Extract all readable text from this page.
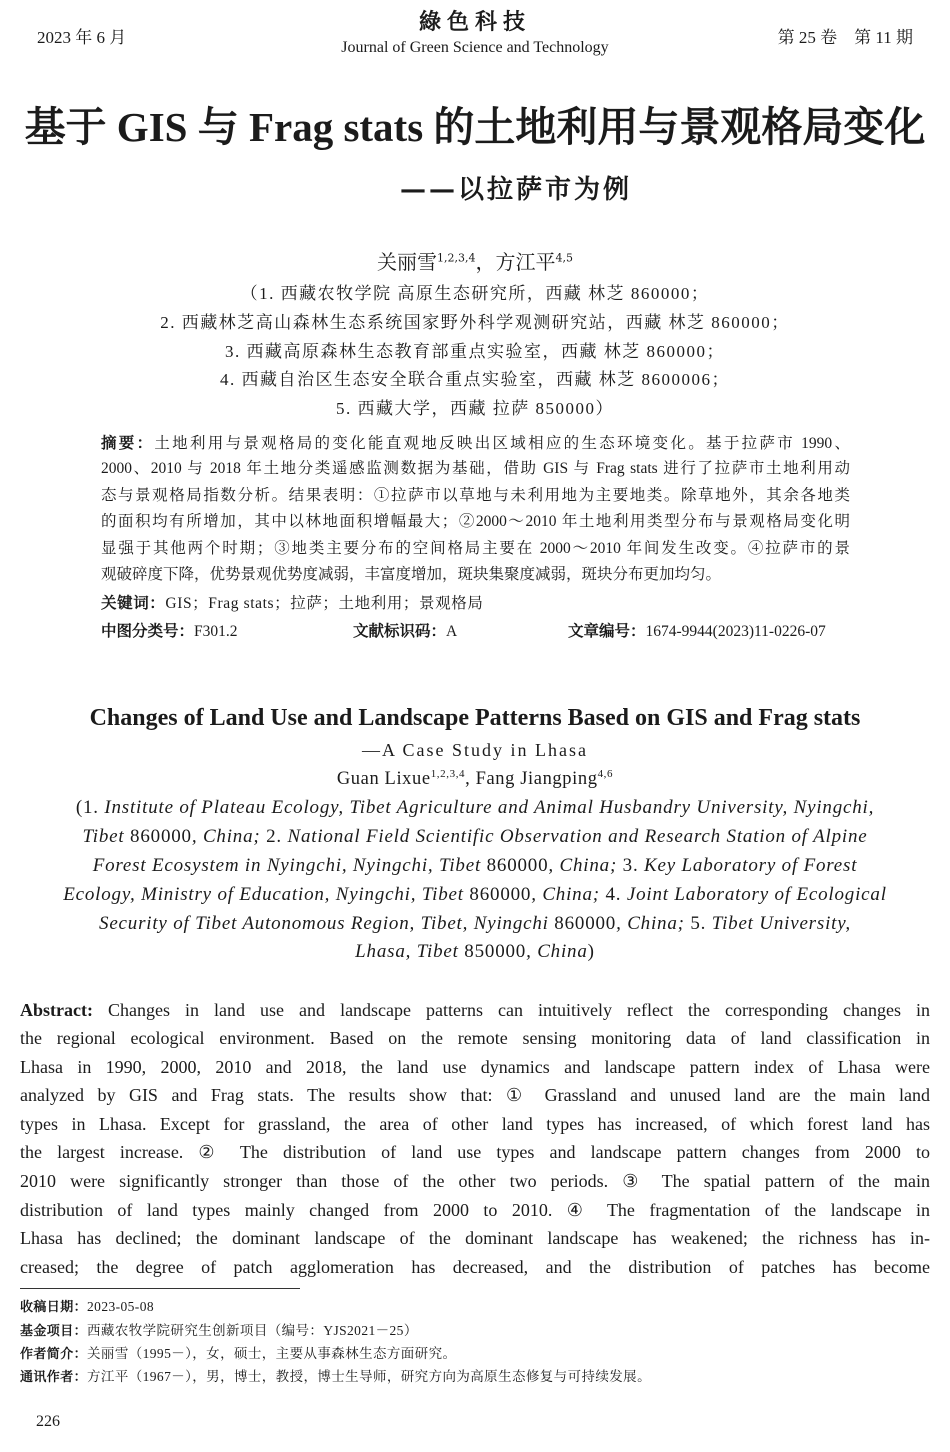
2023 年 6 月
綠色科技
Journal of Green Science and Technology
第 25 卷　第 11 期
基于 GIS 与 Frag stats 的土地利用与景观格局变化
——以拉萨市为例
关丽雪$^{1,2,3,4}$，方江平$^{4,5}$
（1. 西藏农牧学院 高原生态研究所，西藏 林芝 860000；
2. 西藏林芝高山森林生态系统国家野外科学观测研究站，西藏 林芝 860000；
3. 西藏高原森林生态教育部重点实验室，西藏 林芝 860000；
4. 西藏自治区生态安全联合重点实验室，西藏 林芝 8600006；
5. 西藏大学，西藏 拉萨 850000）
摘要：土地利用与景观格局的变化能直观地反映出区域相应的生态环境变化。基于拉萨市 1990、
2000、2010 与 2018 年土地分类遥感监测数据为基础，借助 GIS 与 Frag stats 进行了拉萨市土地利用动
态与景观格局指数分析。结果表明：①拉萨市以草地与未利用地为主要地类。除草地外，其余各地类
的面积均有所增加，其中以林地面积增幅最大；②2000～2010 年土地利用类型分布与景观格局变化明
显强于其他两个时期；③地类主要分布的空间格局主要在 2000～2010 年间发生改变。④拉萨市的景
观破碎度下降，优势景观优势度减弱，丰富度增加，斑块集聚度减弱，斑块分布更加均匀。
关键词：GIS；Frag stats；拉萨；土地利用；景观格局
中图分类号：F301.2	文献标识码：A	文章编号：1674-9944(2023)11-0226-07
Changes of Land Use and Landscape Patterns Based on GIS and Frag stats
—A Case Study in Lhasa
Guan Lixue$^{1,2,3,4}$, Fang Jiangping$^{4,6}$
(1. Institute of Plateau Ecology, Tibet Agriculture and Animal Husbandry University, Nyingchi,
Tibet 860000, China; 2. National Field Scientific Observation and Research Station of Alpine
Forest Ecosystem in Nyingchi, Nyingchi, Tibet 860000, China; 3. Key Laboratory of Forest
Ecology, Ministry of Education, Nyingchi, Tibet 860000, China; 4. Joint Laboratory of Ecological
Security of Tibet Autonomous Region, Tibet, Nyingchi 860000, China; 5. Tibet University,
Lhasa, Tibet 850000, China)
Abstract: Changes in land use and landscape patterns can intuitively reflect the corresponding changes in
the regional ecological environment. Based on the remote sensing monitoring data of land classification in
Lhasa in 1990, 2000, 2010 and 2018, the land use dynamics and landscape pattern index of Lhasa were
analyzed by GIS and Frag stats. The results show that: ① Grassland and unused land are the main land
types in Lhasa. Except for grassland, the area of other land types has increased, of which forest land has
the largest increase. ② The distribution of land use types and landscape pattern changes from 2000 to
2010 were significantly stronger than those of the other two periods. ③ The spatial pattern of the main
distribution of land types mainly changed from 2000 to 2010. ④ The fragmentation of the landscape in
Lhasa has declined; the dominant landscape of the dominant landscape has weakened; the richness has in-
creased; the degree of patch agglomeration has decreased, and the distribution of patches has become
收稿日期：2023-05-08
基金项目：西藏农牧学院研究生创新项目（编号：YJS2021－25）
作者简介：关丽雪（1995－），女，硕士，主要从事森林生态方面研究。
通讯作者：方江平（1967－），男，博士，教授，博士生导师，研究方向为高原生态修复与可持续发展。
226
